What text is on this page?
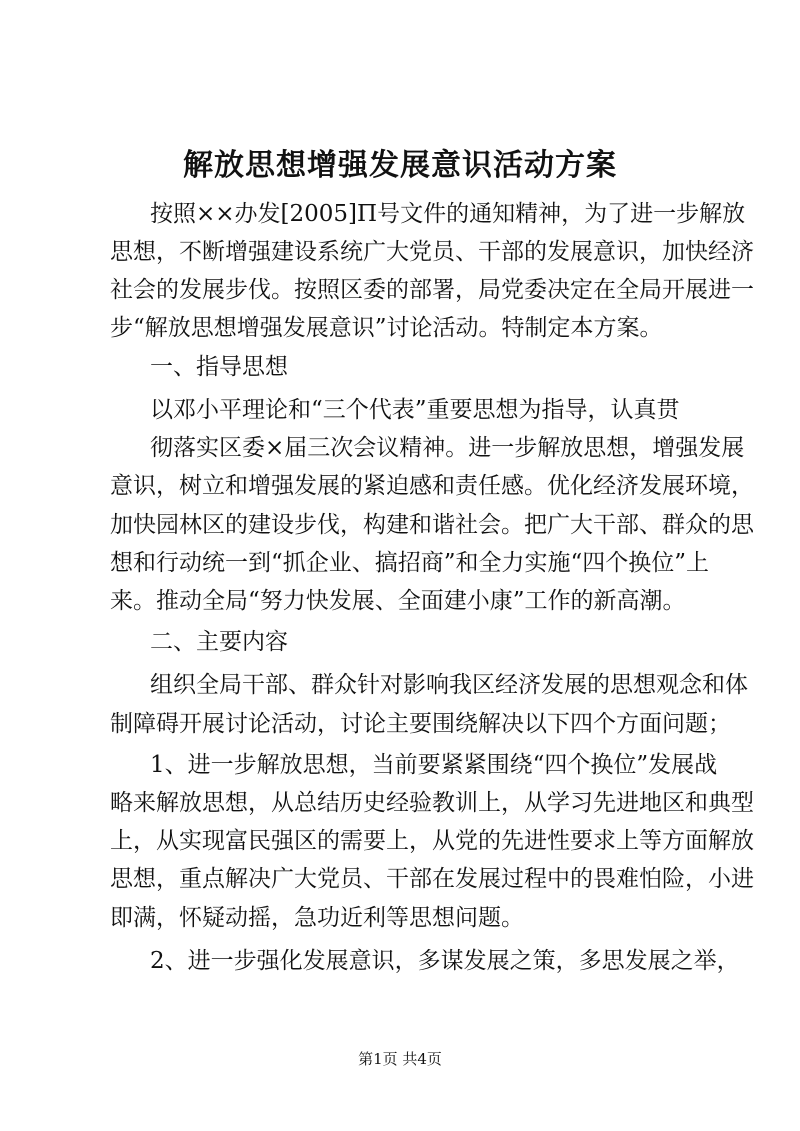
解放思想增强发展意识活动方案
按照××办发[2005]Π号文件的通知精神，为了进一步解放
思想，不断增强建设系统广大党员、干部的发展意识，加快经济
社会的发展步伐。按照区委的部署，局党委决定在全局开展进一
步“解放思想增强发展意识”讨论活动。特制定本方案。
一、指导思想
以邓小平理论和“三个代表”重要思想为指导，认真贯
彻落实区委×届三次会议精神。进一步解放思想，增强发展
意识，树立和增强发展的紧迫感和责任感。优化经济发展环境，
加快园林区的建设步伐，构建和谐社会。把广大干部、群众的思
想和行动统一到“抓企业、搞招商”和全力实施“四个换位”上
来。推动全局“努力快发展、全面建小康”工作的新高潮。
二、主要内容
组织全局干部、群众针对影响我区经济发展的思想观念和体
制障碍开展讨论活动，讨论主要围绕解决以下四个方面问题；
1、进一步解放思想，当前要紧紧围绕“四个换位”发展战
略来解放思想，从总结历史经验教训上，从学习先进地区和典型
上，从实现富民强区的需要上，从党的先进性要求上等方面解放
思想，重点解决广大党员、干部在发展过程中的畏难怕险，小进
即满，怀疑动摇，急功近利等思想问题。
2、进一步强化发展意识，多谋发展之策，多思发展之举，
第1页 共4页
